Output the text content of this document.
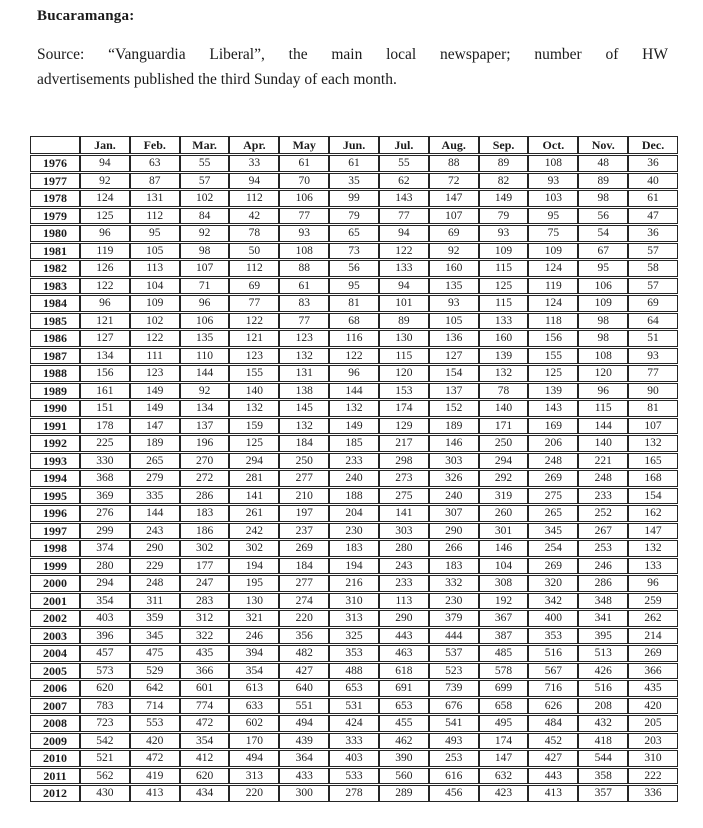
Bucaramanga:

Source: “Vanguardia Liberal”, the main local newspaper; number of HW
advertisements published the third Sunday of each month.

	Jan.	Feb.	Mar.	Apr.	May	Jun.	Jul.	Aug.	Sep.	Oct.	Nov.	Dec.
1976	94	63	55	33	61	61	55	88	89	108	48	36
1977	92	87	57	94	70	35	62	72	82	93	89	40
1978	124	131	102	112	106	99	143	147	149	103	98	61
1979	125	112	84	42	77	79	77	107	79	95	56	47
1980	96	95	92	78	93	65	94	69	93	75	54	36
1981	119	105	98	50	108	73	122	92	109	109	67	57
1982	126	113	107	112	88	56	133	160	115	124	95	58
1983	122	104	71	69	61	95	94	135	125	119	106	57
1984	96	109	96	77	83	81	101	93	115	124	109	69
1985	121	102	106	122	77	68	89	105	133	118	98	64
1986	127	122	135	121	123	116	130	136	160	156	98	51
1987	134	111	110	123	132	122	115	127	139	155	108	93
1988	156	123	144	155	131	96	120	154	132	125	120	77
1989	161	149	92	140	138	144	153	137	78	139	96	90
1990	151	149	134	132	145	132	174	152	140	143	115	81
1991	178	147	137	159	132	149	129	189	171	169	144	107
1992	225	189	196	125	184	185	217	146	250	206	140	132
1993	330	265	270	294	250	233	298	303	294	248	221	165
1994	368	279	272	281	277	240	273	326	292	269	248	168
1995	369	335	286	141	210	188	275	240	319	275	233	154
1996	276	144	183	261	197	204	141	307	260	265	252	162
1997	299	243	186	242	237	230	303	290	301	345	267	147
1998	374	290	302	302	269	183	280	266	146	254	253	132
1999	280	229	177	194	184	194	243	183	104	269	246	133
2000	294	248	247	195	277	216	233	332	308	320	286	96
2001	354	311	283	130	274	310	113	230	192	342	348	259
2002	403	359	312	321	220	313	290	379	367	400	341	262
2003	396	345	322	246	356	325	443	444	387	353	395	214
2004	457	475	435	394	482	353	463	537	485	516	513	269
2005	573	529	366	354	427	488	618	523	578	567	426	366
2006	620	642	601	613	640	653	691	739	699	716	516	435
2007	783	714	774	633	551	531	653	676	658	626	208	420
2008	723	553	472	602	494	424	455	541	495	484	432	205
2009	542	420	354	170	439	333	462	493	174	452	418	203
2010	521	472	412	494	364	403	390	253	147	427	544	310
2011	562	419	620	313	433	533	560	616	632	443	358	222
2012	430	413	434	220	300	278	289	456	423	413	357	336
